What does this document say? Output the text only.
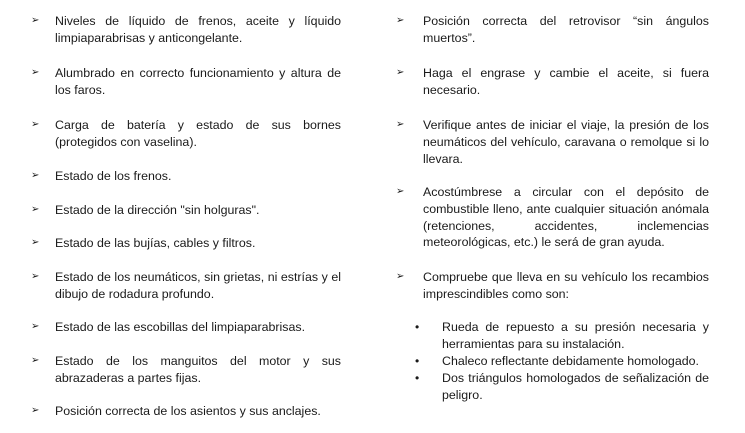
➢ Niveles de líquido de frenos, aceite y líquido limpiaparabrisas y anticongelante.
➢ Alumbrado en correcto funcionamiento y altura de los faros.
➢ Carga de batería y estado de sus bornes (protegidos con vaselina).
➢ Estado de los frenos.
➢ Estado de la dirección "sin holguras".
➢ Estado de las bujías, cables y filtros.
➢ Estado de los neumáticos, sin grietas, ni estrías y el dibujo de rodadura profundo.
➢ Estado de las escobillas del limpiaparabrisas.
➢ Estado de los manguitos del motor y sus abrazaderas a partes fijas.
➢ Posición correcta de los asientos y sus anclajes.
➢ Posición correcta del retrovisor “sin ángulos muertos”.
➢ Haga el engrase y cambie el aceite, si fuera necesario.
➢ Verifique antes de iniciar el viaje, la presión de los neumáticos del vehículo, caravana o remolque si lo llevara.
➢ Acostúmbrese a circular con el depósito de combustible lleno, ante cualquier situación anómala (retenciones, accidentes, inclemencias meteorológicas, etc.) le será de gran ayuda.
➢ Compruebe que lleva en su vehículo los recambios imprescindibles como son:
• Rueda de repuesto a su presión necesaria y herramientas para su instalación.
• Chaleco reflectante debidamente homologado.
• Dos triángulos homologados de señalización de peligro.
